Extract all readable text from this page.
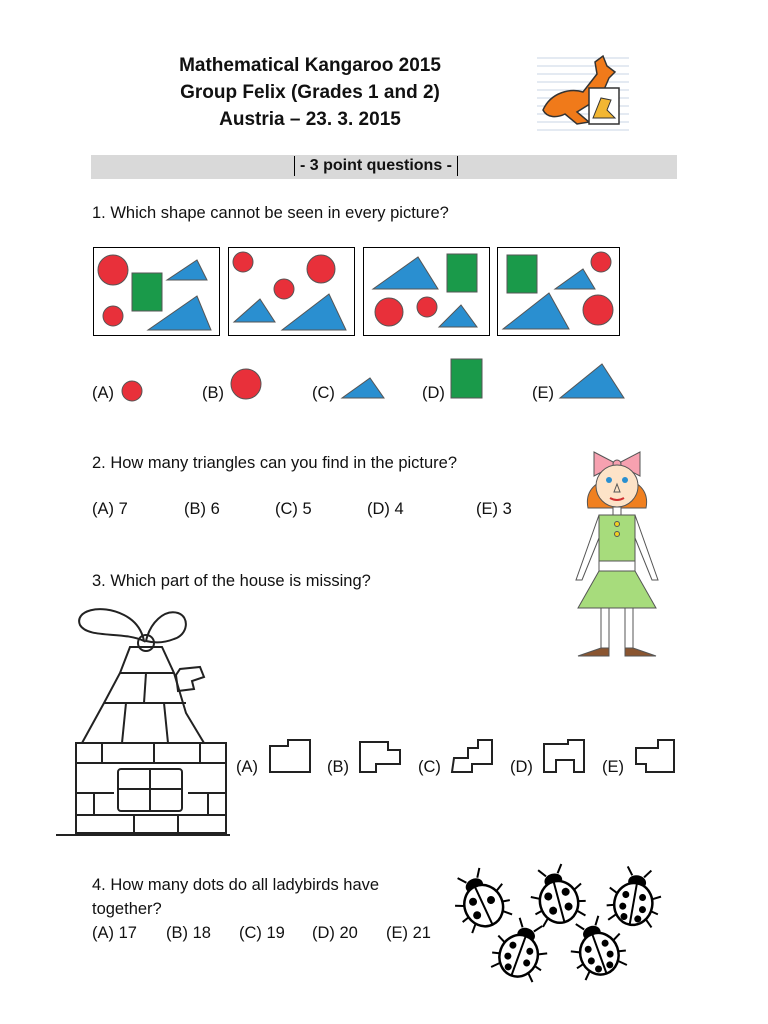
Mathematical Kangaroo 2015
Group Felix (Grades 1 and 2)
Austria – 23. 3. 2015
- 3 point questions -
1. Which shape cannot be seen in every picture?
(A)	(B)	(C)	(D)	(E)
2. How many triangles can you find in the picture?
(A) 7	(B) 6	(C) 5	(D) 4	(E) 3
3. Which part of the house is missing?
(A)	(B)	(C)	(D)	(E)
4. How many dots do all ladybirds have
together?
(A) 17 (B) 18 (C) 19 (D) 20 (E) 21
